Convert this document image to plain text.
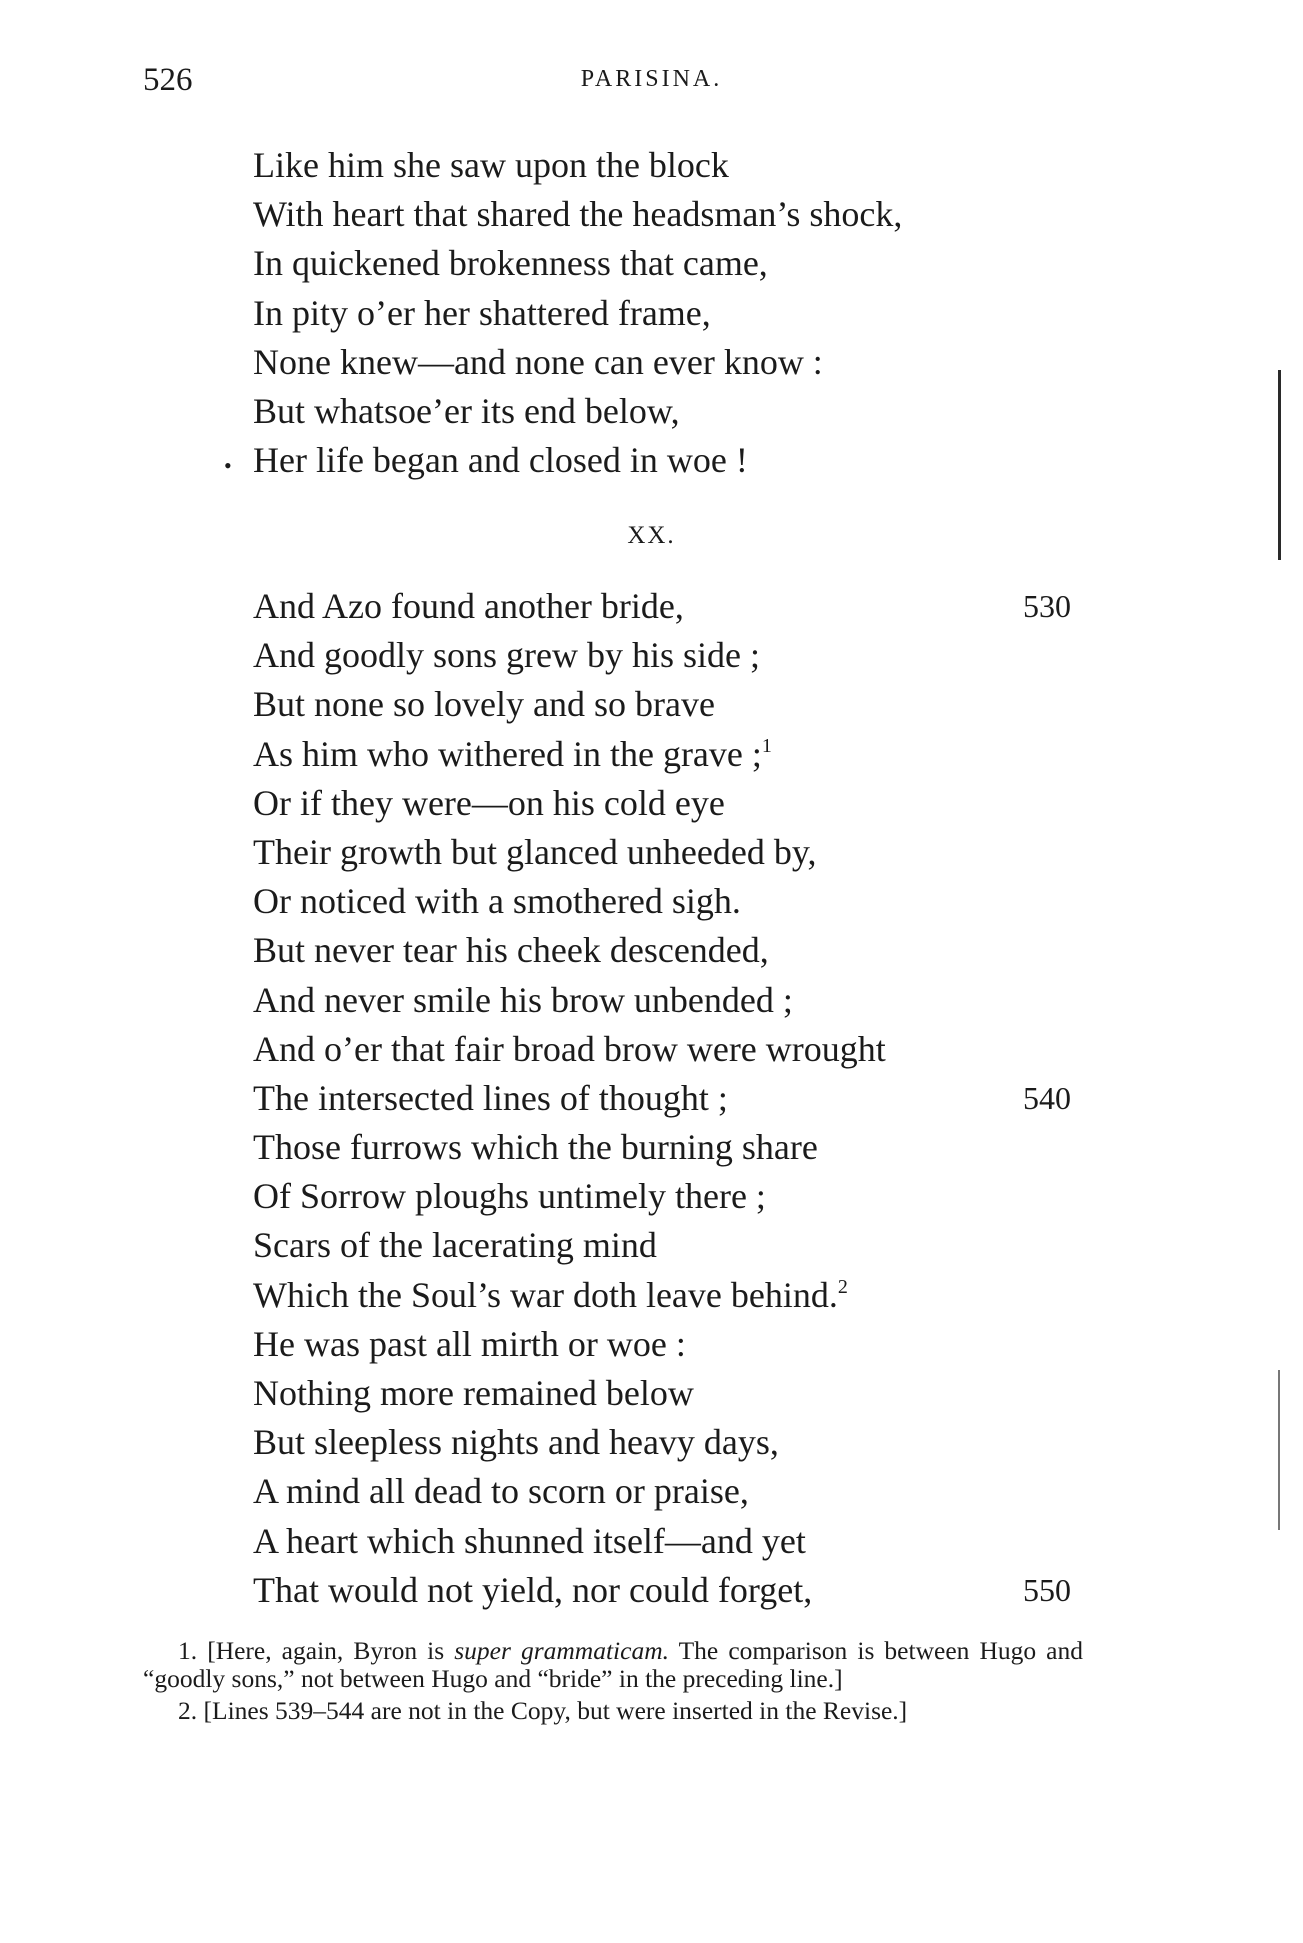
526	PARISINA.
•
Like him she saw upon the block
With heart that shared the headsman’s shock,
In quickened brokenness that came,
In pity o’er her shattered frame,
None knew—and none can ever know :
But whatsoe’er its end below,
Her life began and closed in woe !
XX.
And Azo found another bride,	530
And goodly sons grew by his side ;
But none so lovely and so brave
As him who withered in the grave ;$^1$
Or if they were—on his cold eye
Their growth but glanced unheeded by,
Or noticed with a smothered sigh.
But never tear his cheek descended,
And never smile his brow unbended ;
And o’er that fair broad brow were wrought
The intersected lines of thought ;	540
Those furrows which the burning share
Of Sorrow ploughs untimely there ;
Scars of the lacerating mind
Which the Soul’s war doth leave behind.$^2$
He was past all mirth or woe :
Nothing more remained below
But sleepless nights and heavy days,
A mind all dead to scorn or praise,
A heart which shunned itself—and yet
That would not yield, nor could forget,	550
1. [Here, again, Byron is super grammaticam. The comparison is between Hugo and “goodly sons,” not between Hugo and “bride” in the preceding line.]
2. [Lines 539–544 are not in the Copy, but were inserted in the Revise.]
